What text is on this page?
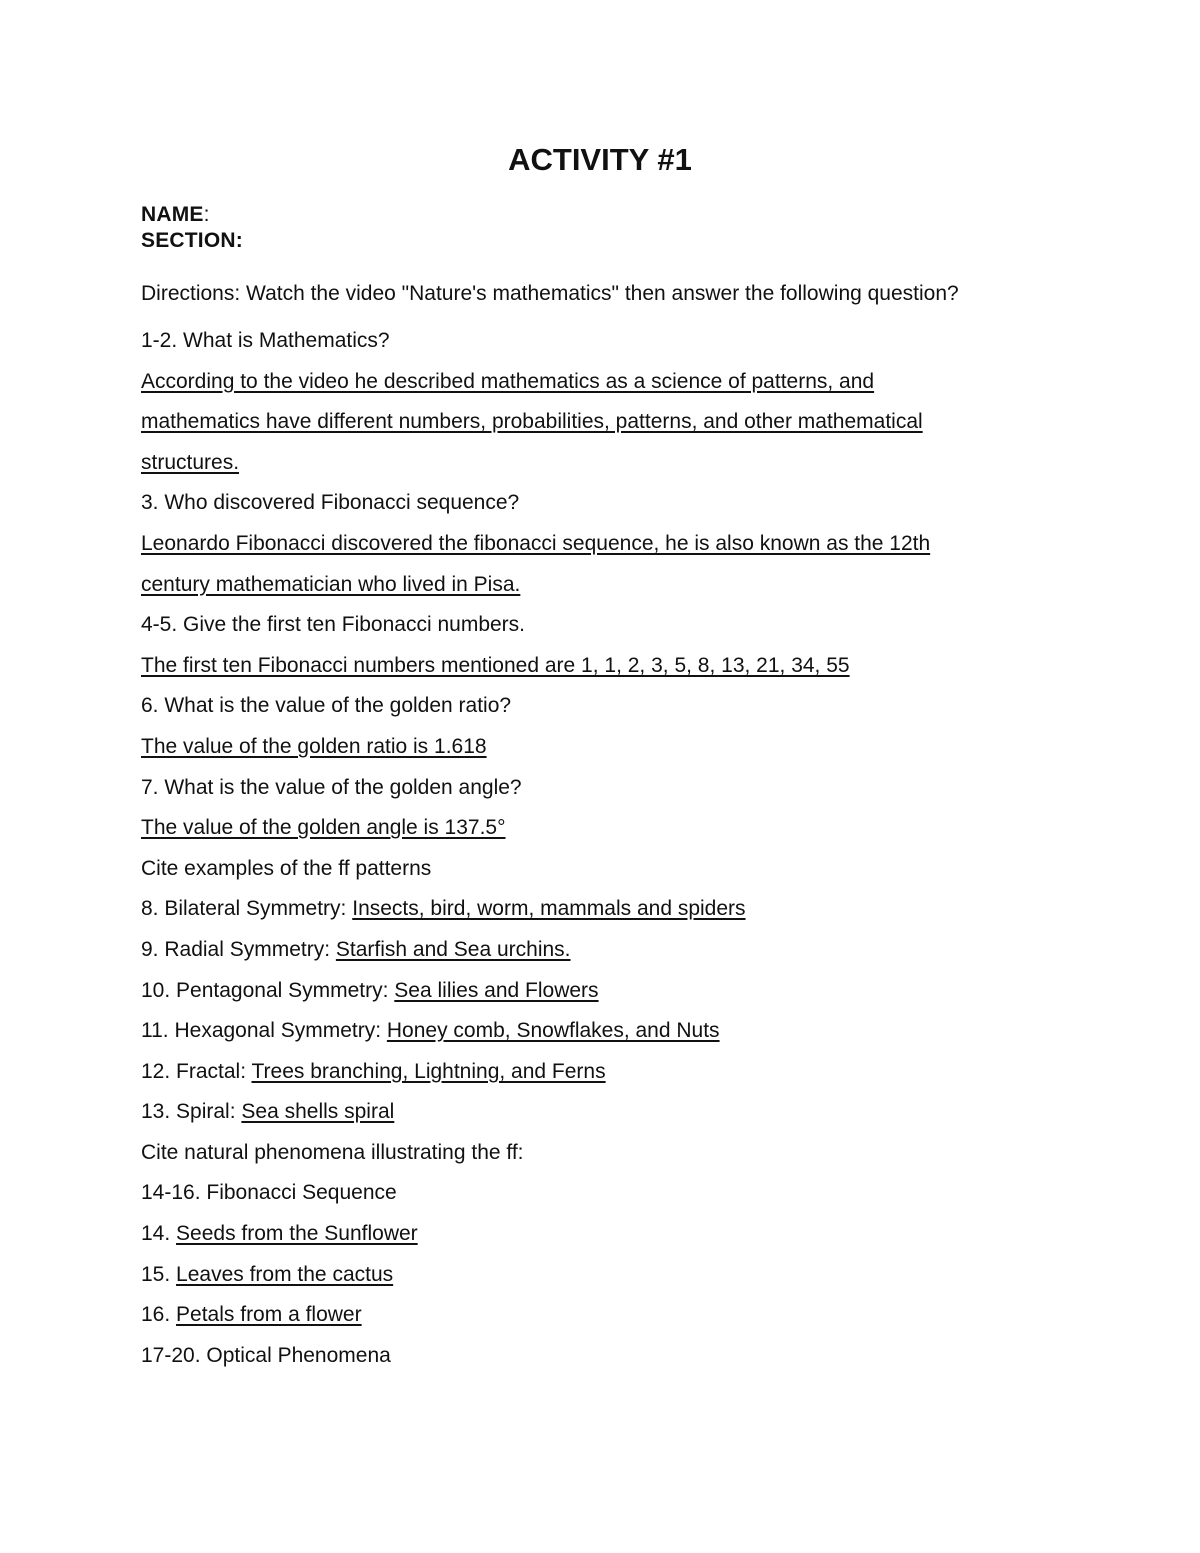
ACTIVITY #1
NAME:
SECTION:
Directions: Watch the video "Nature's mathematics" then answer the following question?
1-2. What is Mathematics?
According to the video he described mathematics as a science of patterns, and
mathematics have different numbers, probabilities, patterns, and other mathematical
structures.
3. Who discovered Fibonacci sequence?
Leonardo Fibonacci discovered the fibonacci sequence, he is also known as the 12th
century mathematician who lived in Pisa.
4-5. Give the first ten Fibonacci numbers.
The first ten Fibonacci numbers mentioned are 1, 1, 2, 3, 5, 8, 13, 21, 34, 55
6. What is the value of the golden ratio?
The value of the golden ratio is 1.618
7. What is the value of the golden angle?
The value of the golden angle is 137.5°
Cite examples of the ff patterns
8. Bilateral Symmetry: Insects, bird, worm, mammals and spiders
9. Radial Symmetry: Starfish and Sea urchins.
10. Pentagonal Symmetry: Sea lilies and Flowers
11. Hexagonal Symmetry: Honey comb, Snowflakes, and Nuts
12. Fractal: Trees branching, Lightning, and Ferns
13. Spiral: Sea shells spiral
Cite natural phenomena illustrating the ff:
14-16. Fibonacci Sequence
14. Seeds from the Sunflower
15. Leaves from the cactus
16. Petals from a flower
17-20. Optical Phenomena
